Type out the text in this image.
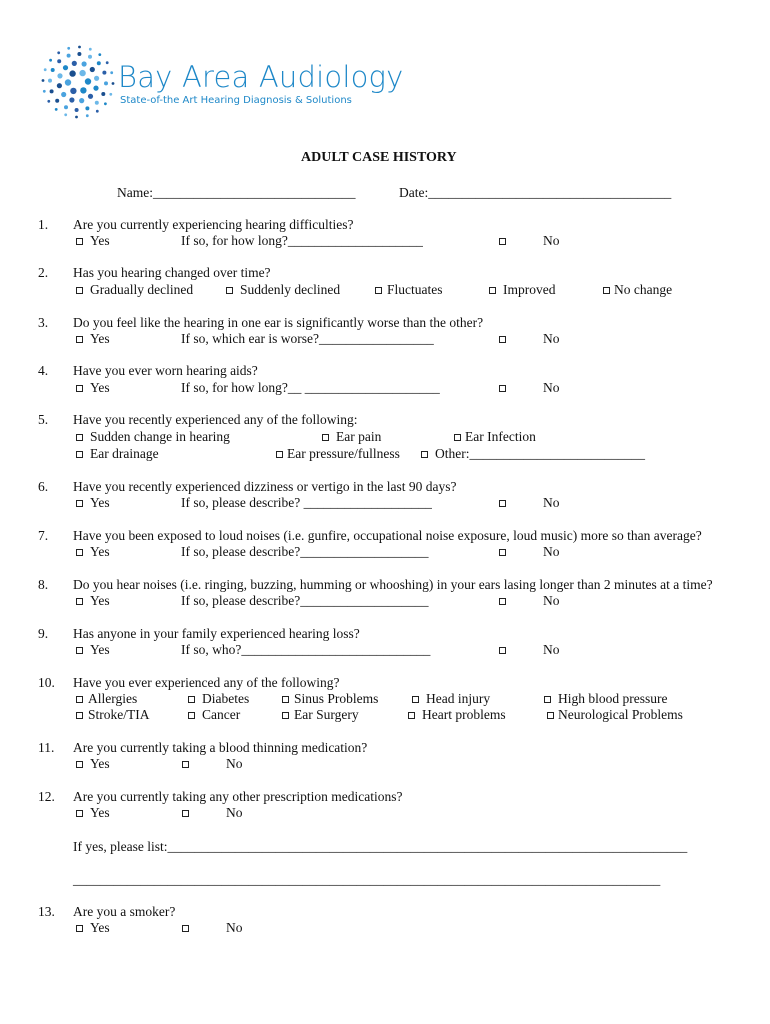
Bay Area Audiology
State-of-the Art Hearing Diagnosis & Solutions
ADULT CASE HISTORY
Name:______________________________	Date:____________________________________
1. Are you currently experiencing hearing difficulties?
Yes	If so, for how long?____________________	No
2. Has you hearing changed over time?
Gradually declined	Suddenly declined	Fluctuates	Improved	No change
3. Do you feel like the hearing in one ear is significantly worse than the other?
Yes	If so, which ear is worse?_________________	No
4. Have you ever worn hearing aids?
Yes	If so, for how long?__ ____________________	No
5. Have you recently experienced any of the following:
Sudden change in hearing	Ear pain	Ear Infection
Ear drainage	Ear pressure/fullness	Other:__________________________
6. Have you recently experienced dizziness or vertigo in the last 90 days?
Yes	If so, please describe? ___________________	No
7. Have you been exposed to loud noises (i.e. gunfire, occupational noise exposure, loud music) more so than average?
Yes	If so, please describe?___________________	No
8. Do you hear noises (i.e. ringing, buzzing, humming or whooshing) in your ears lasing longer than 2 minutes at a time?
Yes	If so, please describe?___________________	No
9. Has anyone in your family experienced hearing loss?
Yes	If so, who?____________________________	No
10. Have you ever experienced any of the following?
Allergies	Diabetes	Sinus Problems	Head injury	High blood pressure
Stroke/TIA	Cancer	Ear Surgery	Heart problems	Neurological Problems
11. Are you currently taking a blood thinning medication?
Yes	No
12. Are you currently taking any other prescription medications?
Yes	No
If yes, please list:_____________________________________________________________________________
_______________________________________________________________________________________
13. Are you a smoker?
Yes	No
